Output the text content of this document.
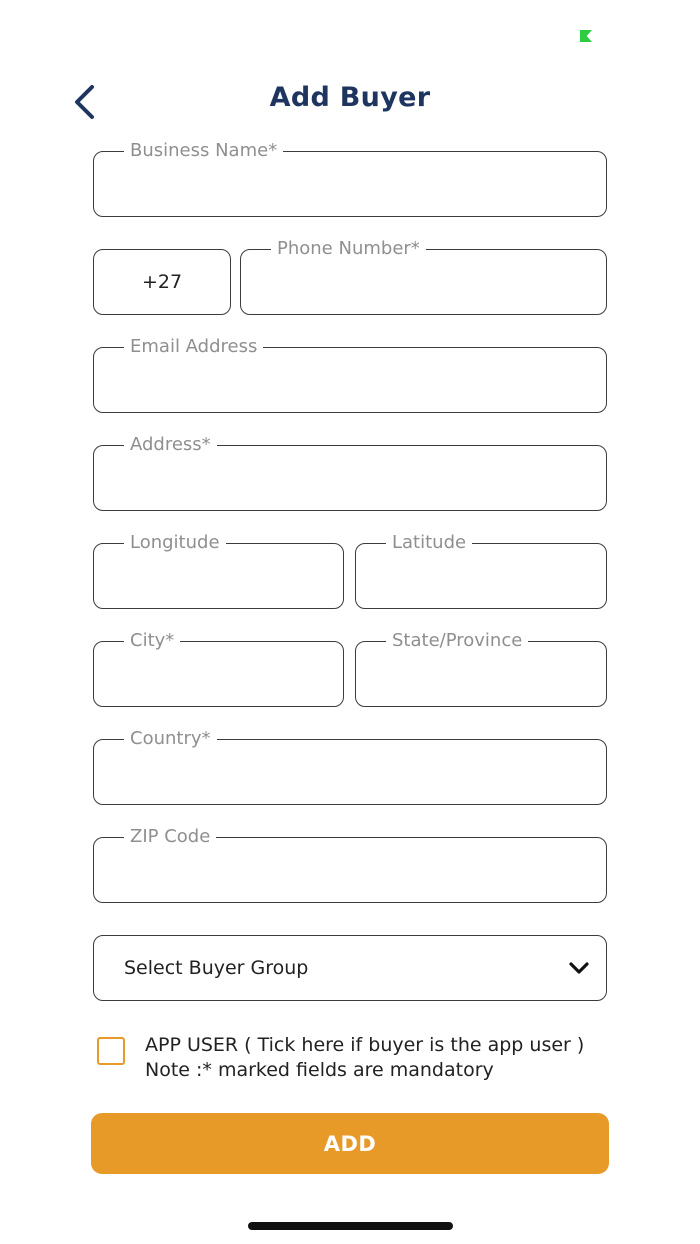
Add Buyer
Business Name*
+27
Phone Number*
Email Address
Address*
Longitude	Latitude
City*	State/Province
Country*
ZIP Code
Select Buyer Group
APP USER ( Tick here if buyer is the app user )
Note :* marked fields are mandatory
ADD
